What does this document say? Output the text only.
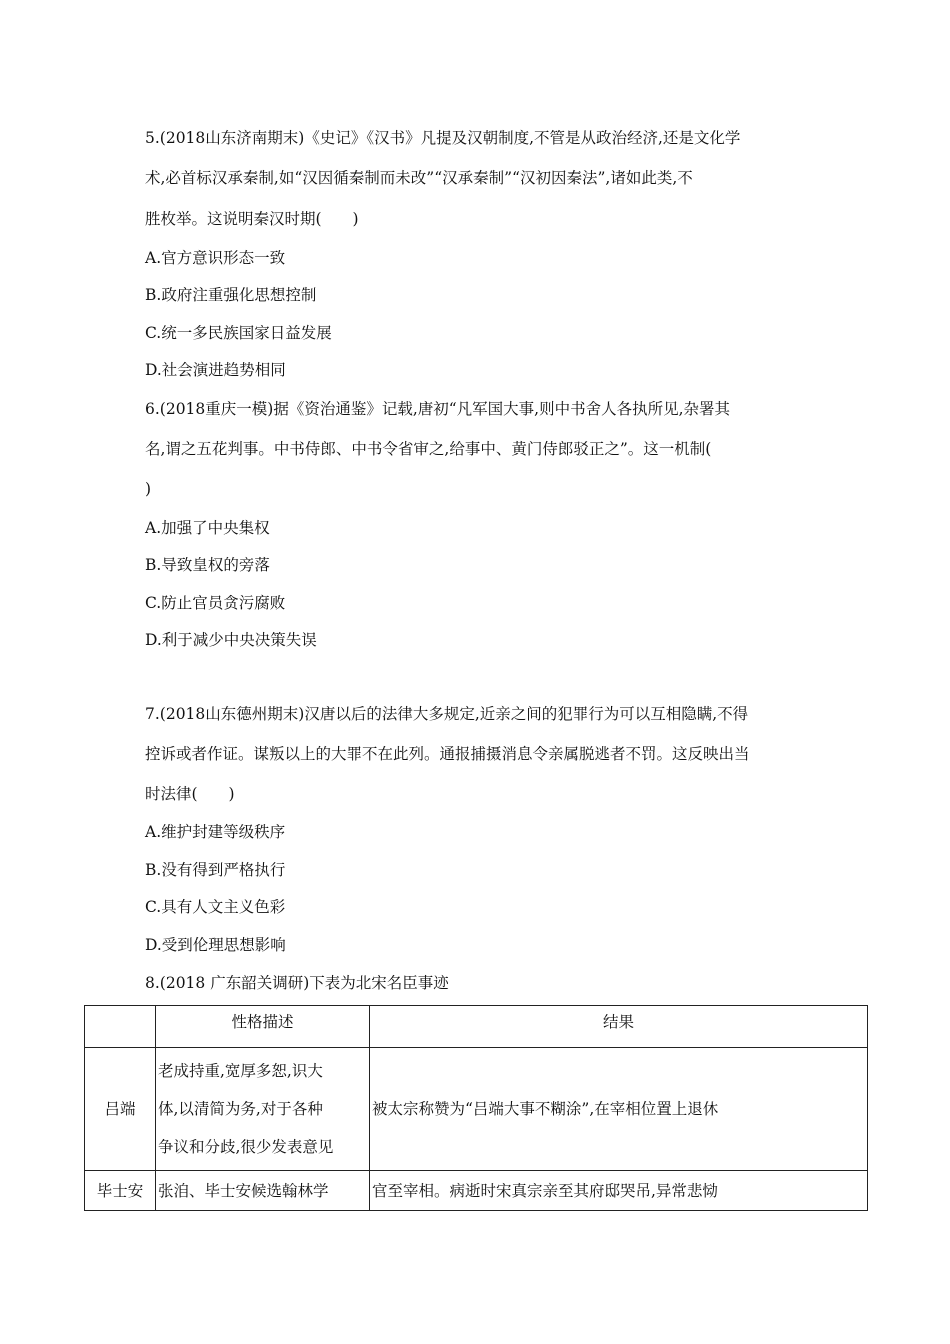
5.(2018山东济南期末)《史记》《汉书》凡提及汉朝制度,不管是从政治经济,还是文化学
术,必首标汉承秦制,如“汉因循秦制而未改”“汉承秦制”“汉初因秦法”,诸如此类,不
胜枚举。这说明秦汉时期(　　)
A.官方意识形态一致
B.政府注重强化思想控制
C.统一多民族国家日益发展
D.社会演进趋势相同
6.(2018重庆一模)据《资治通鉴》记载,唐初“凡军国大事,则中书舍人各执所见,杂署其
名,谓之五花判事。中书侍郎、中书令省审之,给事中、黄门侍郎驳正之”。这一机制(
)
A.加强了中央集权
B.导致皇权的旁落
C.防止官员贪污腐败
D.利于减少中央决策失误
7.(2018山东德州期末)汉唐以后的法律大多规定,近亲之间的犯罪行为可以互相隐瞒,不得
控诉或者作证。谋叛以上的大罪不在此列。通报捕摄消息令亲属脱逃者不罚。这反映出当
时法律(　　)
A.维护封建等级秩序
B.没有得到严格执行
C.具有人文主义色彩
D.受到伦理思想影响
8.(2018 广东韶关调研)下表为北宋名臣事迹
	性格描述	结果
吕端	老成持重,宽厚多恕,识大
体,以清简为务,对于各种
争议和分歧,很少发表意见	被太宗称赞为“吕端大事不糊涂”,在宰相位置上退休
毕士安	张洎、毕士安候选翰林学	官至宰相。病逝时宋真宗亲至其府邸哭吊,异常悲恸
